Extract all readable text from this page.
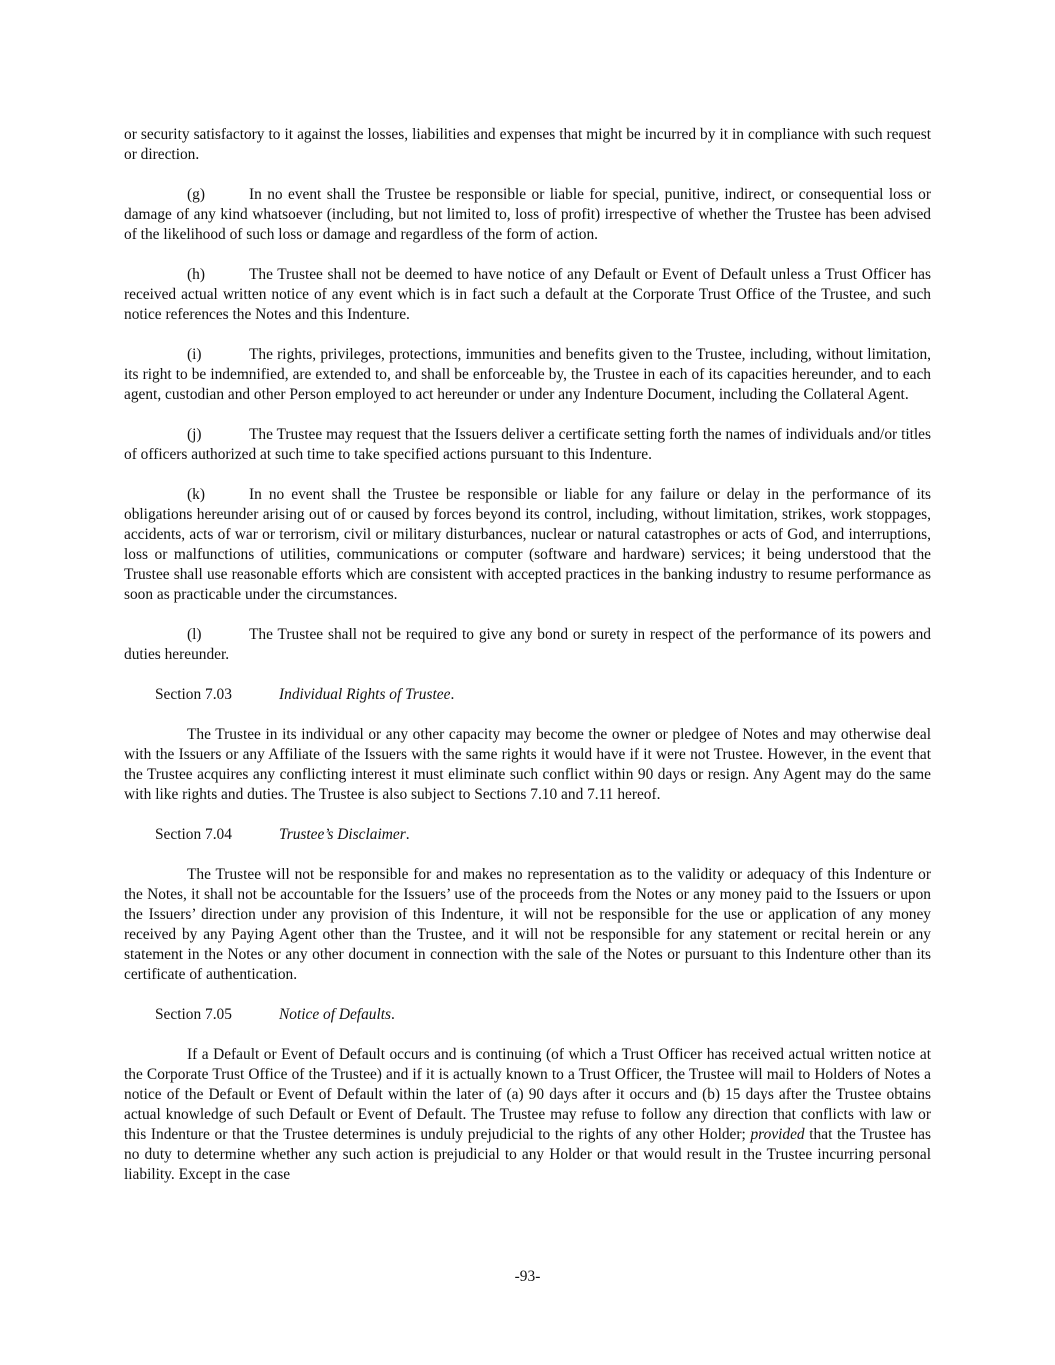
or security satisfactory to it against the losses, liabilities and expenses that might be incurred by it in compliance with such request or direction.

(g)	In no event shall the Trustee be responsible or liable for special, punitive, indirect, or consequential loss or damage of any kind whatsoever (including, but not limited to, loss of profit) irrespective of whether the Trustee has been advised of the likelihood of such loss or damage and regardless of the form of action.

(h)	The Trustee shall not be deemed to have notice of any Default or Event of Default unless a Trust Officer has received actual written notice of any event which is in fact such a default at the Corporate Trust Office of the Trustee, and such notice references the Notes and this Indenture.

(i)	The rights, privileges, protections, immunities and benefits given to the Trustee, including, without limitation, its right to be indemnified, are extended to, and shall be enforceable by, the Trustee in each of its capacities hereunder, and to each agent, custodian and other Person employed to act hereunder or under any Indenture Document, including the Collateral Agent.

(j)	The Trustee may request that the Issuers deliver a certificate setting forth the names of individuals and/or titles of officers authorized at such time to take specified actions pursuant to this Indenture.

(k)	In no event shall the Trustee be responsible or liable for any failure or delay in the performance of its obligations hereunder arising out of or caused by forces beyond its control, including, without limitation, strikes, work stoppages, accidents, acts of war or terrorism, civil or military disturbances, nuclear or natural catastrophes or acts of God, and interruptions, loss or malfunctions of utilities, communications or computer (software and hardware) services; it being understood that the Trustee shall use reasonable efforts which are consistent with accepted practices in the banking industry to resume performance as soon as practicable under the circumstances.

(l)	The Trustee shall not be required to give any bond or surety in respect of the performance of its powers and duties hereunder.

Section 7.03	Individual Rights of Trustee.

The Trustee in its individual or any other capacity may become the owner or pledgee of Notes and may otherwise deal with the Issuers or any Affiliate of the Issuers with the same rights it would have if it were not Trustee. However, in the event that the Trustee acquires any conflicting interest it must eliminate such conflict within 90 days or resign. Any Agent may do the same with like rights and duties. The Trustee is also subject to Sections 7.10 and 7.11 hereof.

Section 7.04	Trustee’s Disclaimer.

The Trustee will not be responsible for and makes no representation as to the validity or adequacy of this Indenture or the Notes, it shall not be accountable for the Issuers’ use of the proceeds from the Notes or any money paid to the Issuers or upon the Issuers’ direction under any provision of this Indenture, it will not be responsible for the use or application of any money received by any Paying Agent other than the Trustee, and it will not be responsible for any statement or recital herein or any statement in the Notes or any other document in connection with the sale of the Notes or pursuant to this Indenture other than its certificate of authentication.

Section 7.05	Notice of Defaults.

If a Default or Event of Default occurs and is continuing (of which a Trust Officer has received actual written notice at the Corporate Trust Office of the Trustee) and if it is actually known to a Trust Officer, the Trustee will mail to Holders of Notes a notice of the Default or Event of Default within the later of (a) 90 days after it occurs and (b) 15 days after the Trustee obtains actual knowledge of such Default or Event of Default. The Trustee may refuse to follow any direction that conflicts with law or this Indenture or that the Trustee determines is unduly prejudicial to the rights of any other Holder; provided that the Trustee has no duty to determine whether any such action is prejudicial to any Holder or that would result in the Trustee incurring personal liability. Except in the case

-93-
